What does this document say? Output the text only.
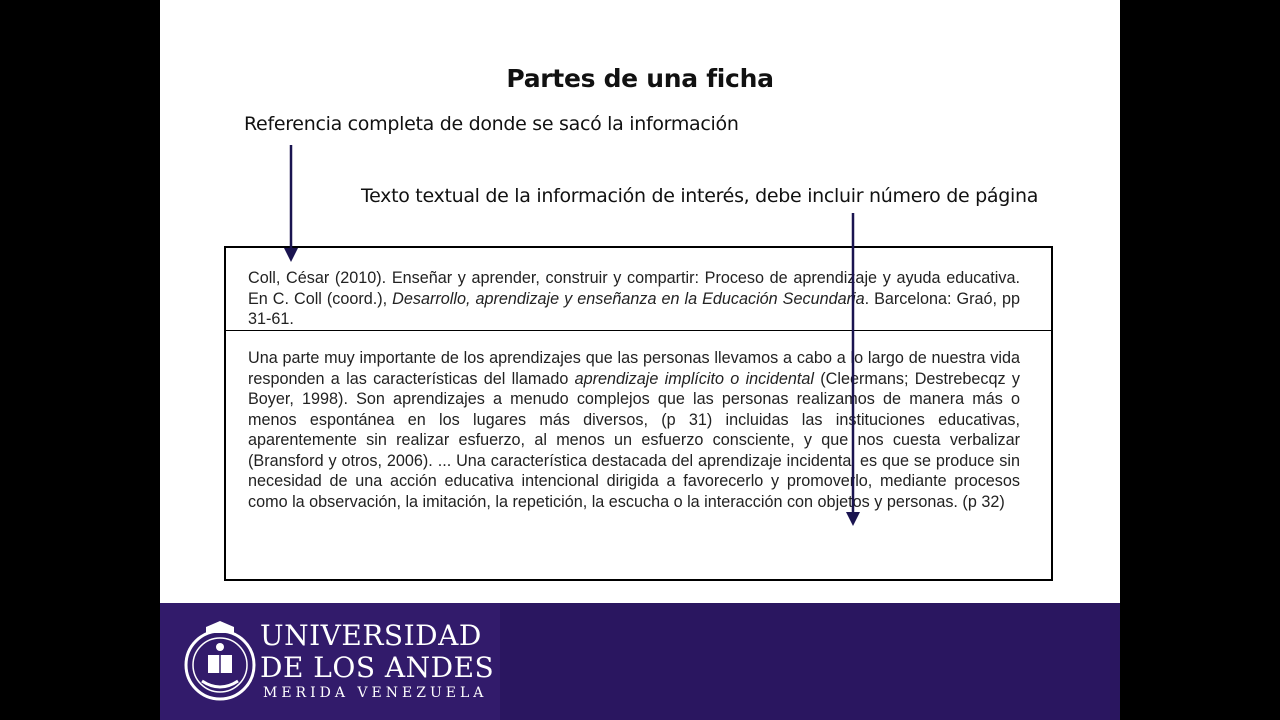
Partes de una ficha
Referencia completa de donde se sacó la información
Texto textual de la información de interés, debe incluir número de página
Coll, César (2010). Enseñar y aprender, construir y compartir: Proceso de aprendizaje y ayuda educativa. En C. Coll (coord.), Desarrollo, aprendizaje y enseñanza en la Educación Secundaria. Barcelona: Graó, pp 31-61.
Una parte muy importante de los aprendizajes que las personas llevamos a cabo a lo largo de nuestra vida responden a las características del llamado aprendizaje implícito o incidental (Cleermans; Destrebecqz y Boyer, 1998). Son aprendizajes a menudo complejos que las personas realizamos de manera más o menos espontánea en los lugares más diversos, (p 31) incluidas las instituciones educativas, aparentemente sin realizar esfuerzo, al menos un esfuerzo consciente, y que nos cuesta verbalizar (Bransford y otros, 2006). ... Una característica destacada del aprendizaje incidental es que se produce sin necesidad de una acción educativa intencional dirigida a favorecerlo y promoverlo, mediante procesos como la observación, la imitación, la repetición, la escucha o la interacción con objetos y personas. (p 32)
UNIVERSIDAD
DE LOS ANDES
MERIDA VENEZUELA
